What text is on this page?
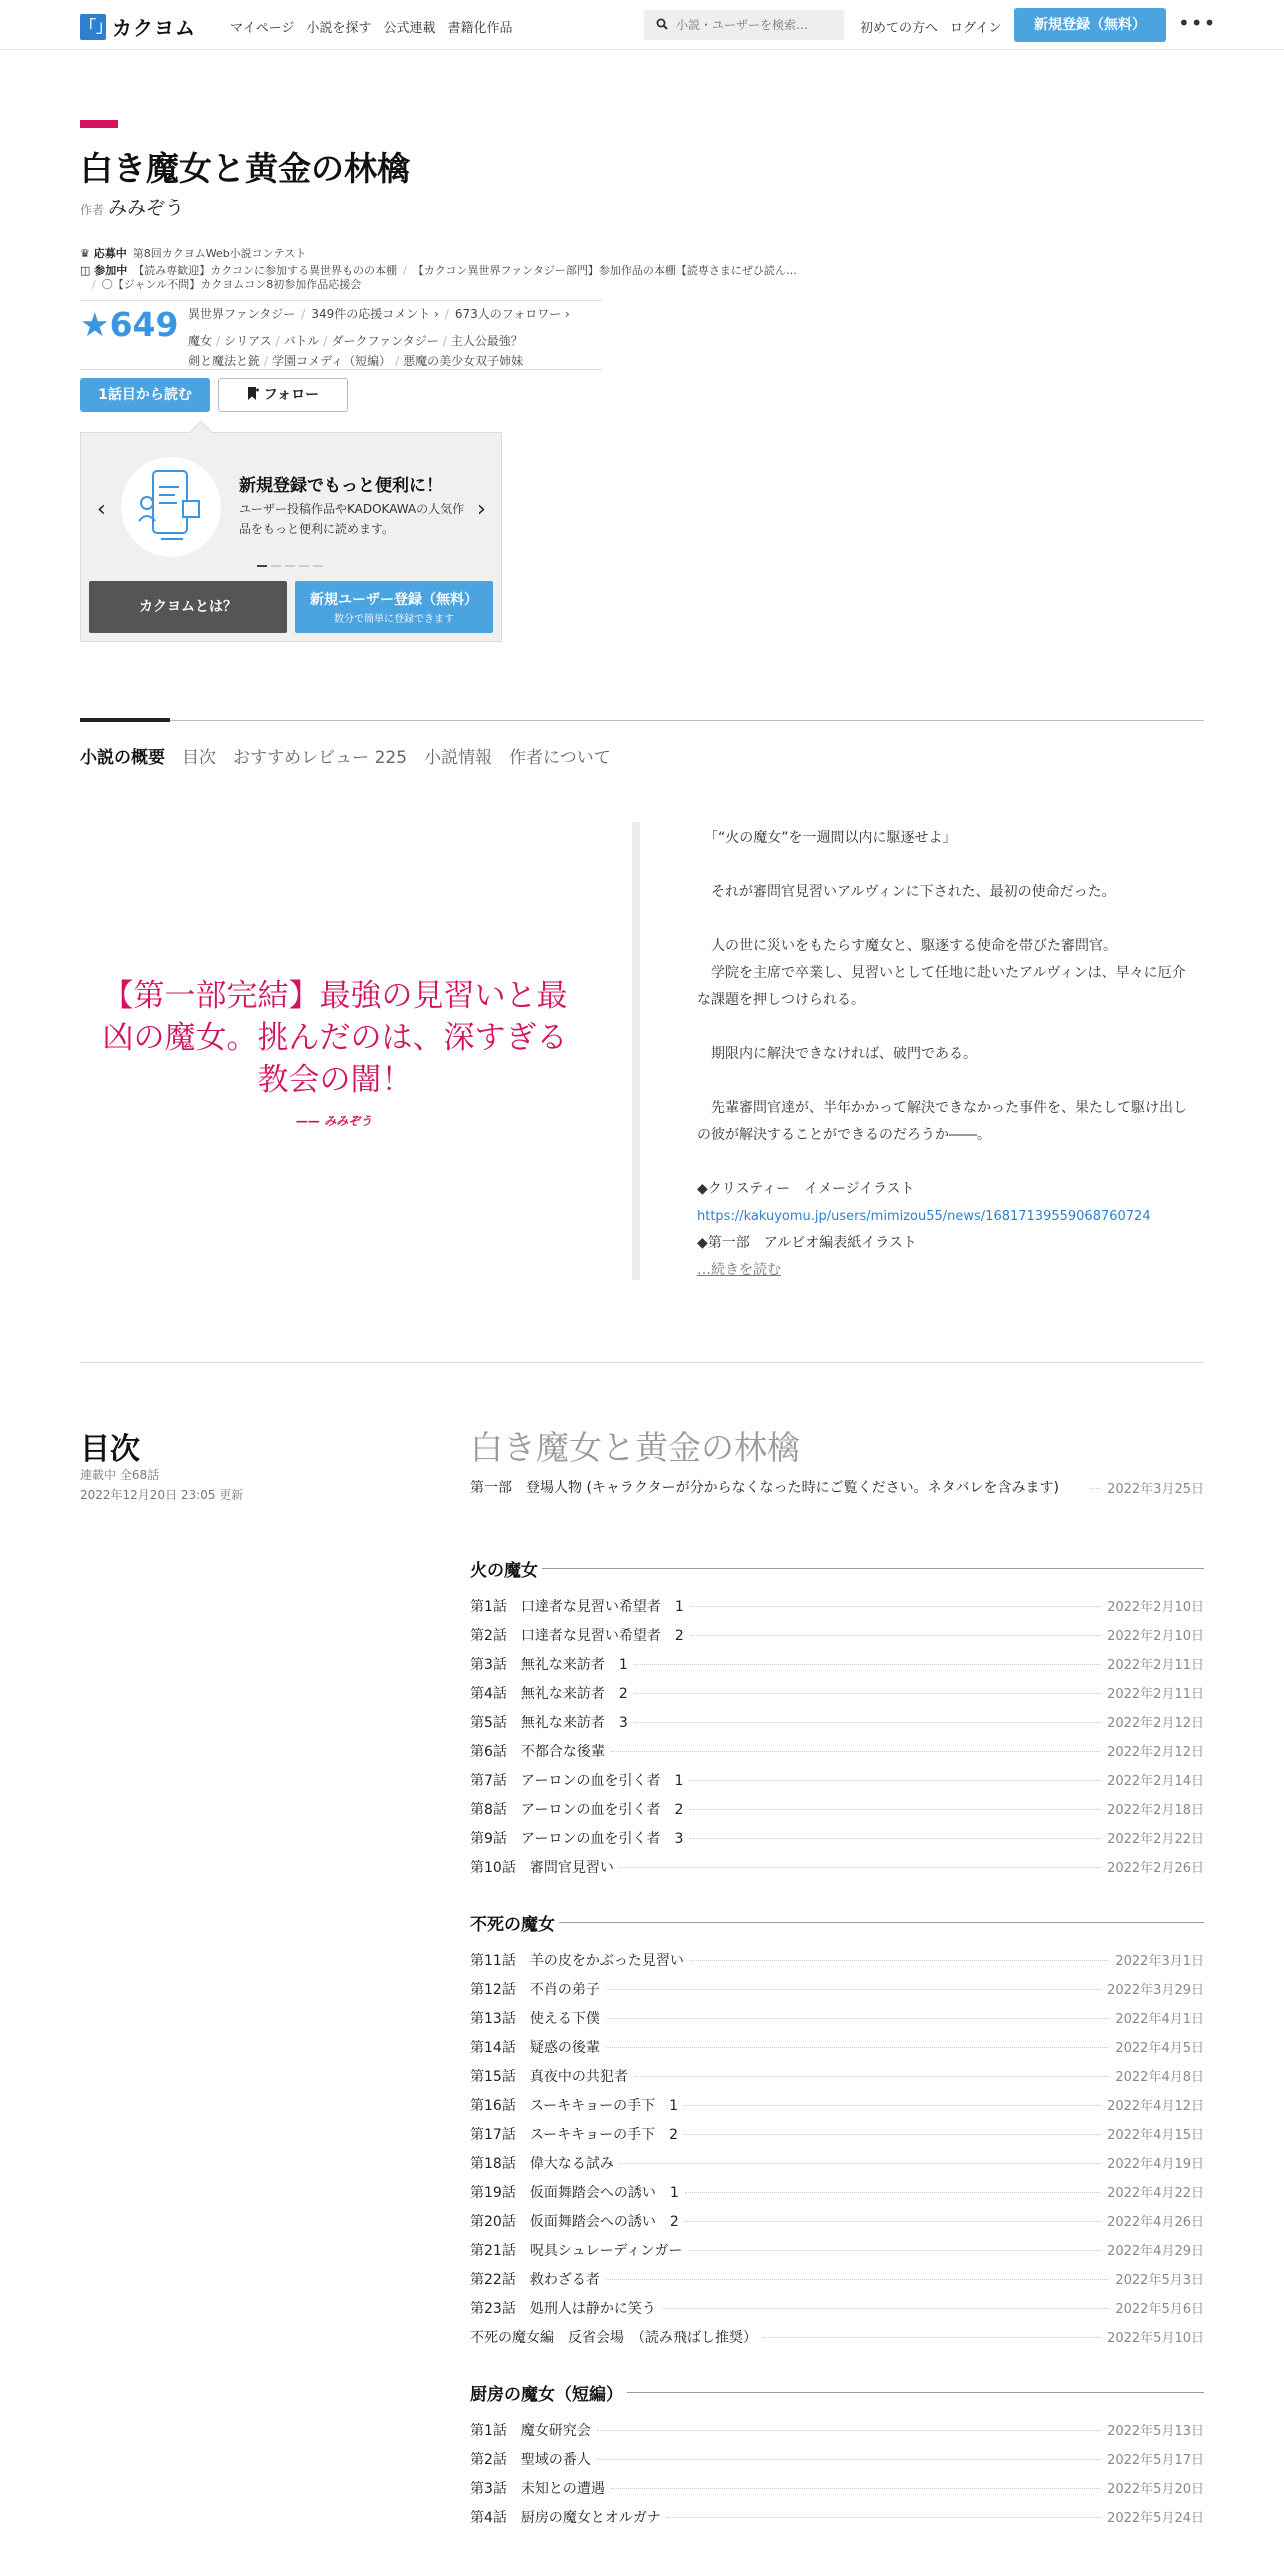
「」 カクヨム	マイページ 小説を探す 公式連載 書籍化作品
小説・ユーザーを検索…	初めての方へ ログイン	新規登録（無料）	•••
白き魔女と黄金の林檎
作者 みみぞう
♛ 応募中 第8回カクヨムWeb小説コンテスト
◫ 参加中 【読み専歓迎】カクコンに参加する異世界ものの本棚 / 【カクコン異世界ファンタジー部門】参加作品の本棚【読専さまにぜひ読ん…
/ 〇【ジャンル不問】カクヨムコン8初参加作品応援会
★649 異世界ファンタジー / 349件の応援コメント › / 673人のフォロワー ›
魔女 / シリアス / バトル / ダークファンタジー / 主人公最強？
剣と魔法と銃 / 学園コメディ（短編） / 悪魔の美少女双子姉妹
1話目から読む	フォロー
‹
新規登録でもっと便利に！
ユーザー投稿作品やKADOKAWAの人気作品をもっと便利に読めます。
›
カクヨムとは？	新規ユーザー登録（無料）
数分で簡単に登録できます
小説の概要 目次 おすすめレビュー 225 小説情報 作者について
【第一部完結】最強の見習いと最凶の魔女。挑んだのは、深すぎる教会の闇！
—— みみぞう

　「“火の魔女”を一週間以内に駆逐せよ」

　それが審問官見習いアルヴィンに下された、最初の使命だった。

　人の世に災いをもたらす魔女と、駆逐する使命を帯びた審問官。
　学院を主席で卒業し、見習いとして任地に赴いたアルヴィンは、早々に厄介な課題を押しつけられる。

　期限内に解決できなければ、破門である。

　先輩審問官達が、半年かかって解決できなかった事件を、果たして駆け出しの彼が解決することができるのだろうか――。

◆クリスティー　イメージイラスト

https://kakuyomu.jp/users/mimizou55/news/16817139559068760724

◆第一部　アルビオ編表紙イラスト

…続きを読む

目次
連載中 全68話
2022年12月20日 23:05 更新
白き魔女と黄金の林檎
第一部　登場人物 (キャラクターが分からなくなった時にご覧ください。ネタバレを含みます)	2022年3月25日
火の魔女
第1話　口達者な見習い希望者　1	2022年2月10日
第2話　口達者な見習い希望者　2	2022年2月10日
第3話　無礼な来訪者　1	2022年2月11日
第4話　無礼な来訪者　2	2022年2月11日
第5話　無礼な来訪者　3	2022年2月12日
第6話　不都合な後輩	2022年2月12日
第7話　アーロンの血を引く者　1	2022年2月14日
第8話　アーロンの血を引く者　2	2022年2月18日
第9話　アーロンの血を引く者　3	2022年2月22日
第10話　審問官見習い	2022年2月26日
不死の魔女
第11話　羊の皮をかぶった見習い	2022年3月1日
第12話　不肖の弟子	2022年3月29日
第13話　使える下僕	2022年4月1日
第14話　疑惑の後輩	2022年4月5日
第15話　真夜中の共犯者	2022年4月8日
第16話　スーキキョーの手下　1	2022年4月12日
第17話　スーキキョーの手下　2	2022年4月15日
第18話　偉大なる試み	2022年4月19日
第19話　仮面舞踏会への誘い　1	2022年4月22日
第20話　仮面舞踏会への誘い　2	2022年4月26日
第21話　呪具シュレーディンガー	2022年4月29日
第22話　救わざる者	2022年5月3日
第23話　処刑人は静かに笑う	2022年5月6日
不死の魔女編　反省会場　（読み飛ばし推奨）	2022年5月10日
厨房の魔女（短編）
第1話　魔女研究会	2022年5月13日
第2話　聖域の番人	2022年5月17日
第3話　未知との遭遇	2022年5月20日
第4話　厨房の魔女とオルガナ	2022年5月24日
